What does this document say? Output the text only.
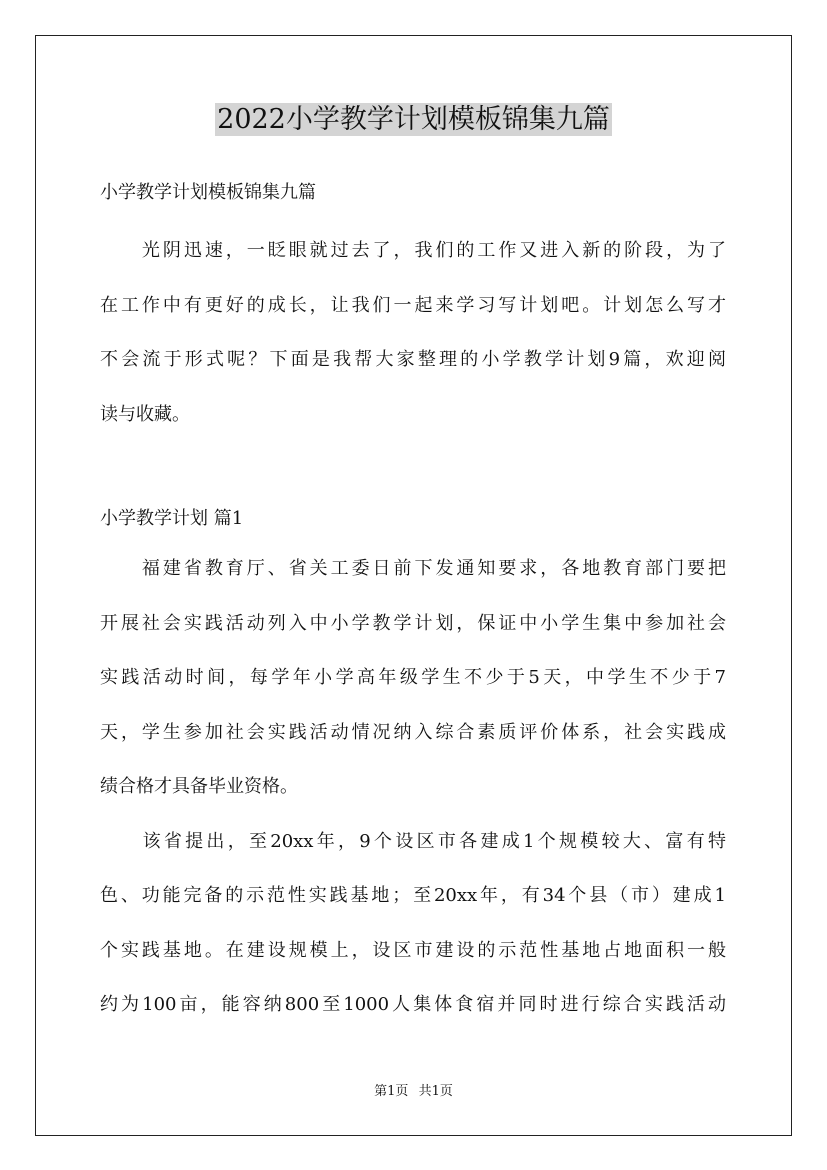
2022小学教学计划模板锦集九篇
小学教学计划模板锦集九篇
　　光阴迅速，一眨眼就过去了，我们的工作又进入新的阶段，为了
在工作中有更好的成长，让我们一起来学习写计划吧。计划怎么写才
不会流于形式呢？下面是我帮大家整理的小学教学计划9篇，欢迎阅
读与收藏。
小学教学计划 篇1
　　福建省教育厅、省关工委日前下发通知要求，各地教育部门要把
开展社会实践活动列入中小学教学计划，保证中小学生集中参加社会
实践活动时间，每学年小学高年级学生不少于5天，中学生不少于7
天，学生参加社会实践活动情况纳入综合素质评价体系，社会实践成
绩合格才具备毕业资格。
　　该省提出，至20xx年，9个设区市各建成1个规模较大、富有特
色、功能完备的示范性实践基地；至20xx年，有34个县（市）建成1
个实践基地。在建设规模上，设区市建设的示范性基地占地面积一般
约为100亩，能容纳800至1000人集体食宿并同时进行综合实践活动
第1页 共1页
